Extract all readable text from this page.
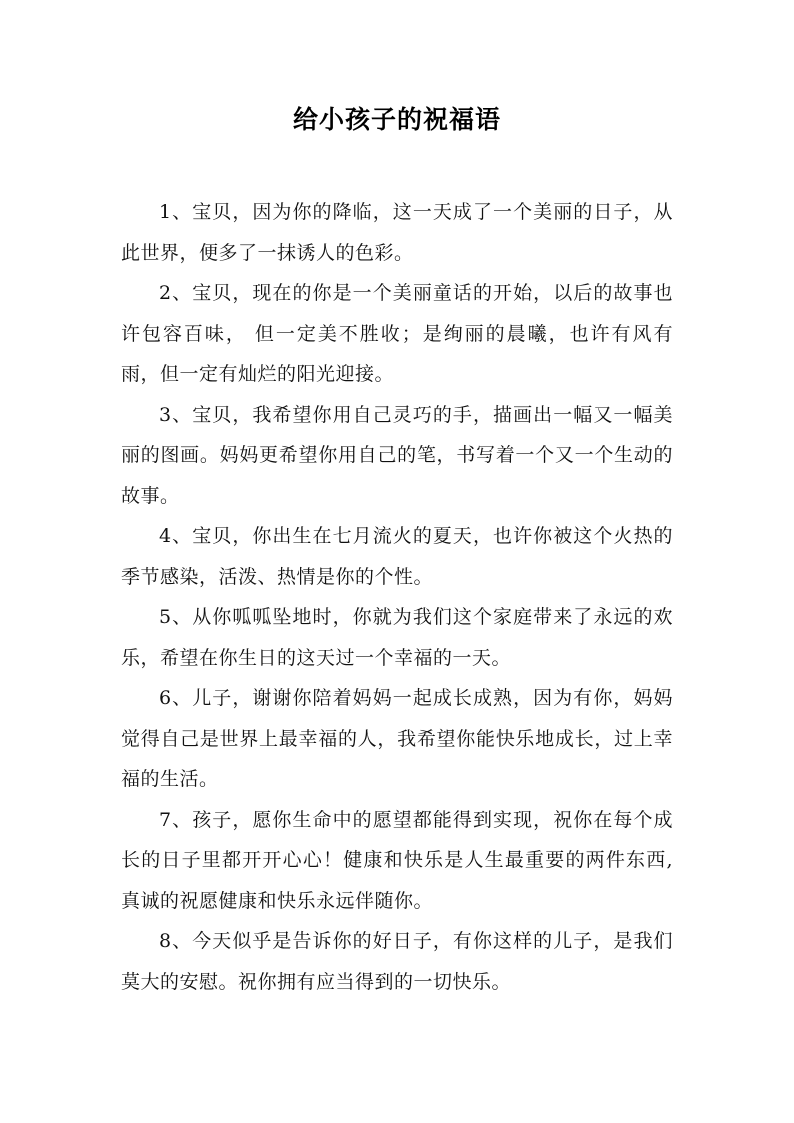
给小孩子的祝福语

1、宝贝，因为你的降临，这一天成了一个美丽的日子，从此世界，便多了一抹诱人的色彩。

2、宝贝，现在的你是一个美丽童话的开始，以后的故事也许包容百味， 但一定美不胜收；是绚丽的晨曦，也许有风有雨，但一定有灿烂的阳光迎接。

3、宝贝，我希望你用自己灵巧的手，描画出一幅又一幅美丽的图画。妈妈更希望你用自己的笔，书写着一个又一个生动的故事。

4、宝贝，你出生在七月流火的夏天，也许你被这个火热的季节感染，活泼、热情是你的个性。

5、从你呱呱坠地时，你就为我们这个家庭带来了永远的欢乐，希望在你生日的这天过一个幸福的一天。

6、儿子，谢谢你陪着妈妈一起成长成熟，因为有你，妈妈觉得自己是世界上最幸福的人，我希望你能快乐地成长，过上幸福的生活。

7、孩子，愿你生命中的愿望都能得到实现，祝你在每个成长的日子里都开开心心！健康和快乐是人生最重要的两件东西,真诚的祝愿健康和快乐永远伴随你。

8、今天似乎是告诉你的好日子，有你这样的儿子，是我们莫大的安慰。祝你拥有应当得到的一切快乐。
